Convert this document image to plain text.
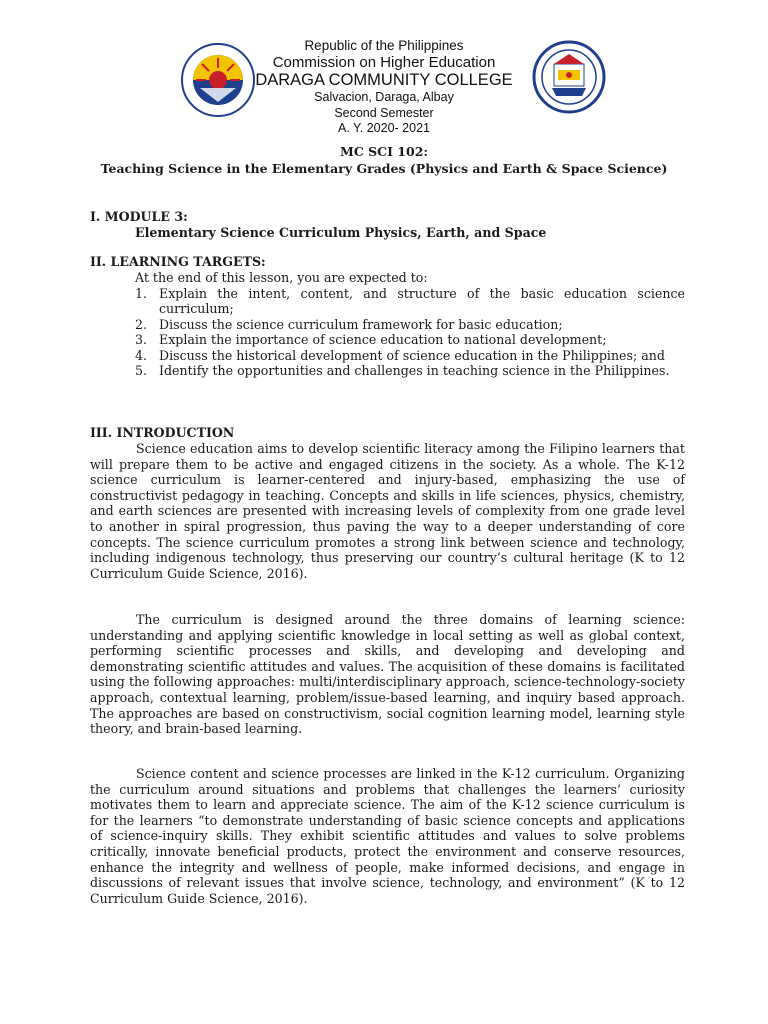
Republic of the Philippines
Commission on Higher Education
DARAGA COMMUNITY COLLEGE
Salvacion, Daraga, Albay
Second Semester
A. Y. 2020- 2021
MC SCI 102:
Teaching Science in the Elementary Grades (Physics and Earth & Space Science)
I. MODULE 3:
Elementary Science Curriculum Physics, Earth, and Space
II. LEARNING TARGETS:
At the end of this lesson, you are expected to:
1. Explain the intent, content, and structure of the basic education science curriculum;
2. Discuss the science curriculum framework for basic education;
3. Explain the importance of science education to national development;
4. Discuss the historical development of science education in the Philippines; and
5. Identify the opportunities and challenges in teaching science in the Philippines.
III. INTRODUCTION

Science education aims to develop scientific literacy among the Filipino learners that will prepare them to be active and engaged citizens in the society. As a whole. The K-12 science curriculum is learner-centered and injury-based, emphasizing the use of constructivist pedagogy in teaching. Concepts and skills in life sciences, physics, chemistry, and earth sciences are presented with increasing levels of complexity from one grade level to another in spiral progression, thus paving the way to a deeper understanding of core concepts. The science curriculum promotes a strong link between science and technology, including indigenous technology, thus preserving our country’s cultural heritage (K to 12 Curriculum Guide Science, 2016).

The curriculum is designed around the three domains of learning science: understanding and applying scientific knowledge in local setting as well as global context, performing scientific processes and skills, and developing and developing and demonstrating scientific attitudes and values. The acquisition of these domains is facilitated using the following approaches: multi/interdisciplinary approach, science-technology-society approach, contextual learning, problem/issue-based learning, and inquiry based approach. The approaches are based on constructivism, social cognition learning model, learning style theory, and brain-based learning.

Science content and science processes are linked in the K-12 curriculum. Organizing the curriculum around situations and problems that challenges the learners’ curiosity motivates them to learn and appreciate science. The aim of the K-12 science curriculum is for the learners “to demonstrate understanding of basic science concepts and applications of science-inquiry skills. They exhibit scientific attitudes and values to solve problems critically, innovate beneficial products, protect the environment and conserve resources, enhance the integrity and wellness of people, make informed decisions, and engage in discussions of relevant issues that involve science, technology, and environment” (K to 12 Curriculum Guide Science, 2016).
